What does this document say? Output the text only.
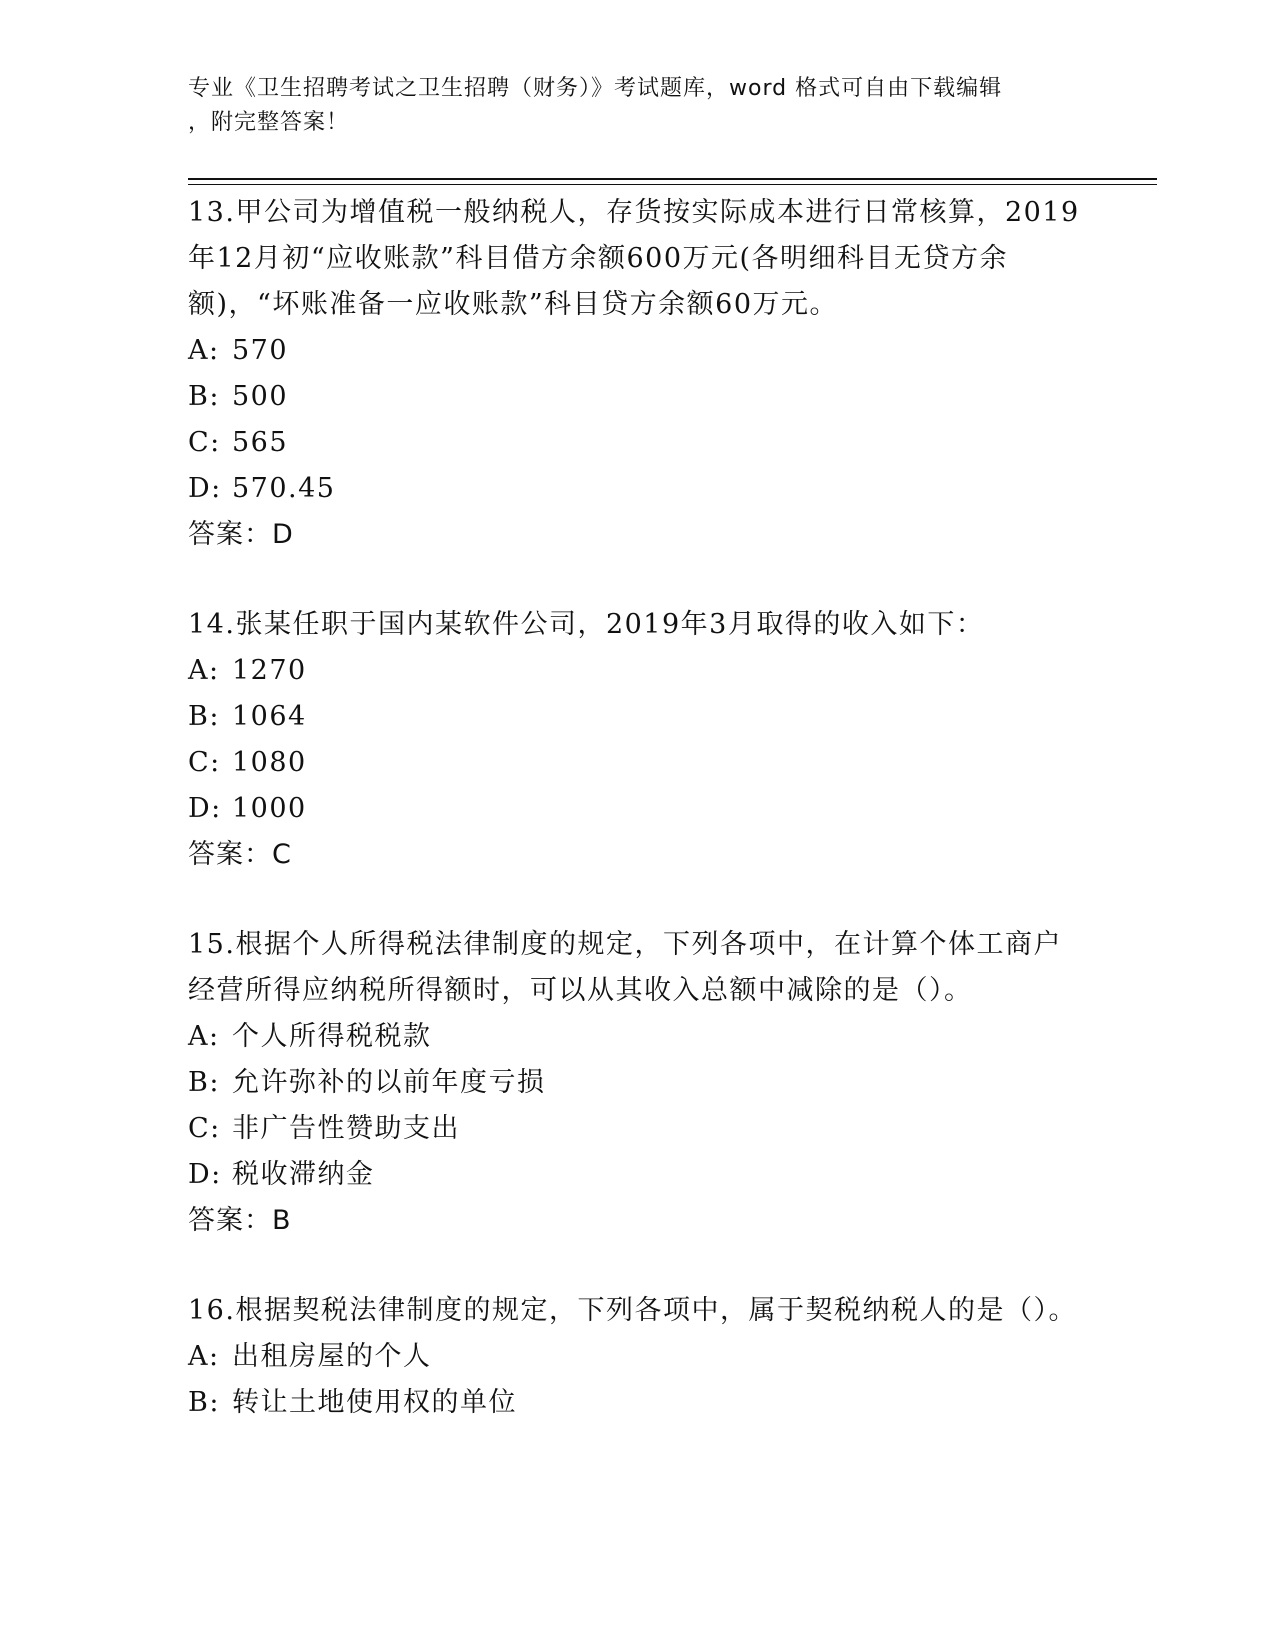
专业《卫生招聘考试之卫生招聘（财务）》考试题库，word 格式可自由下载编辑
，附完整答案！

13.甲公司为增值税一般纳税人，存货按实际成本进行日常核算，2019年12月初“应收账款”科目借方余额600万元(各明细科目无贷方余额)，“坏账准备一应收账款”科目贷方余额60万元。

A: 570

B: 500

C: 565

D: 570.45

答案：D

14.张某任职于国内某软件公司，2019年3月取得的收入如下：

A: 1270

B: 1064

C: 1080

D: 1000

答案：C

15.根据个人所得税法律制度的规定，下列各项中，在计算个体工商户经营所得应纳税所得额时，可以从其收入总额中减除的是（）。

A: 个人所得税税款

B: 允许弥补的以前年度亏损

C: 非广告性赞助支出

D: 税收滞纳金

答案：B

16.根据契税法律制度的规定，下列各项中，属于契税纳税人的是（）。

A: 出租房屋的个人

B: 转让土地使用权的单位
